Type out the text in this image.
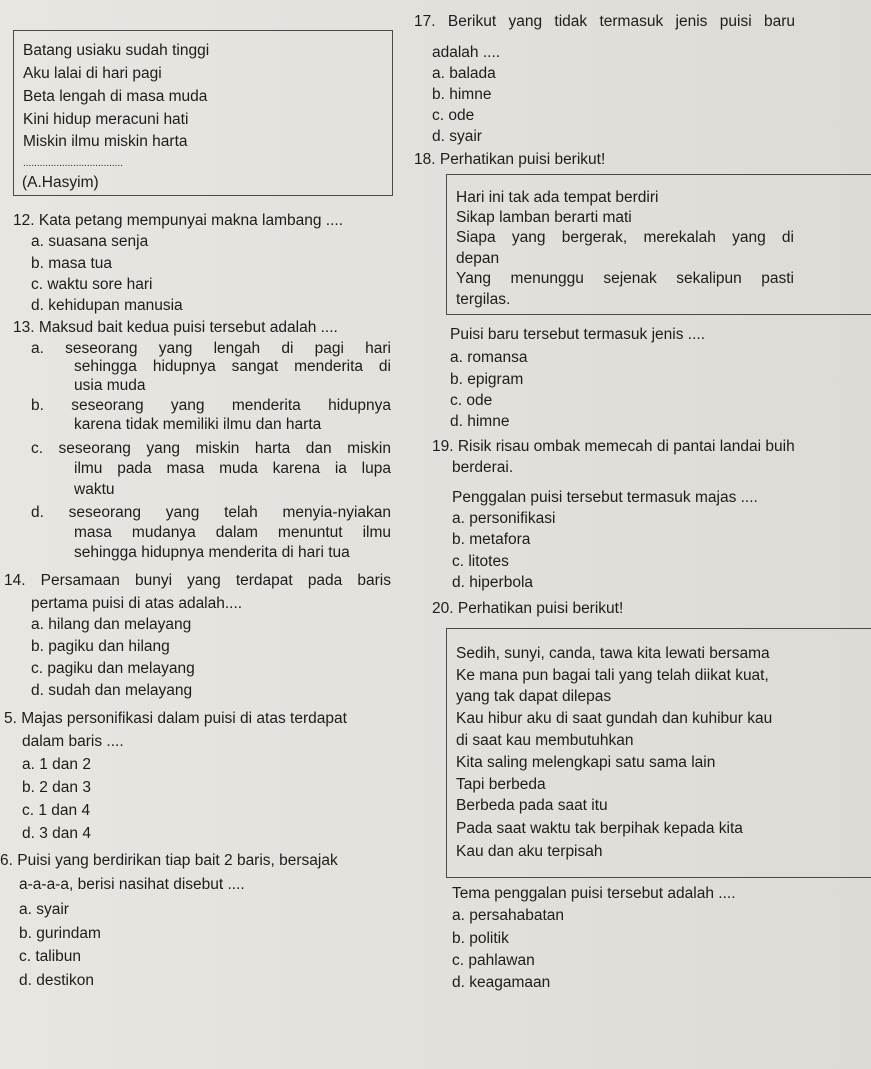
Batang usiaku sudah tinggi
Aku lalai di hari pagi
Beta lengah di masa muda
Kini hidup meracuni hati
Miskin ilmu miskin harta
....................................
(A.Hasyim)
12. Kata petang mempunyai makna lambang ....
a. suasana senja
b. masa tua
c. waktu sore hari
d. kehidupan manusia
13. Maksud bait kedua puisi tersebut adalah ....
a. seseorang yang lengah di pagi hari
sehingga hidupnya sangat menderita di
usia muda
b. seseorang yang menderita hidupnya
karena tidak memiliki ilmu dan harta
c. seseorang yang miskin harta dan miskin
ilmu pada masa muda karena ia lupa
waktu
d. seseorang yang telah menyia-nyiakan
masa mudanya dalam menuntut ilmu
sehingga hidupnya menderita di hari tua
14. Persamaan bunyi yang terdapat pada baris
pertama puisi di atas adalah....
a. hilang dan melayang
b. pagiku dan hilang
c. pagiku dan melayang
d. sudah dan melayang
5. Majas personifikasi dalam puisi di atas terdapat
dalam baris ....
a. 1 dan 2
b. 2 dan 3
c. 1 dan 4
d. 3 dan 4
6. Puisi yang berdirikan tiap bait 2 baris, bersajak
a-a-a-a, berisi nasihat disebut ....
a. syair
b. gurindam
c. talibun
d. destikon
17. Berikut yang tidak termasuk jenis puisi baru
adalah ....
a. balada
b. himne
c. ode
d. syair
18. Perhatikan puisi berikut!
Hari ini tak ada tempat berdiri
Sikap lamban berarti mati
Siapa yang bergerak, merekalah yang di
depan
Yang menunggu sejenak sekalipun pasti
tergilas.
Puisi baru tersebut termasuk jenis ....
a. romansa
b. epigram
c. ode
d. himne
19. Risik risau ombak memecah di pantai landai buih
berderai.
Penggalan puisi tersebut termasuk majas ....
a. personifikasi
b. metafora
c. litotes
d. hiperbola
20. Perhatikan puisi berikut!
Sedih, sunyi, canda, tawa kita lewati bersama
Ke mana pun bagai tali yang telah diikat kuat,
yang tak dapat dilepas
Kau hibur aku di saat gundah dan kuhibur kau
di saat kau membutuhkan
Kita saling melengkapi satu sama lain
Tapi berbeda
Berbeda pada saat itu
Pada saat waktu tak berpihak kepada kita
Kau dan aku terpisah
Tema penggalan puisi tersebut adalah ....
a. persahabatan
b. politik
c. pahlawan
d. keagamaan
